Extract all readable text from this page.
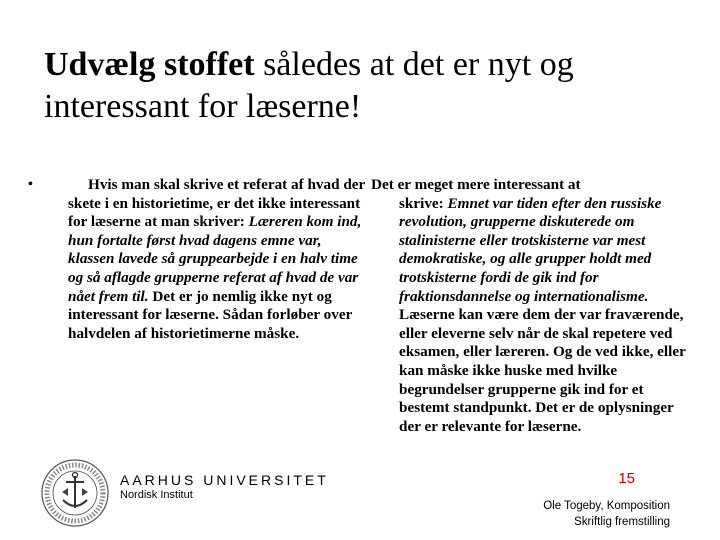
Udvælg stoffet således at det er nyt og interessant for læserne!
•	Hvis man skal skrive et referat af hvad der skete i en historietime, er det ikke interessant for læserne at man skriver: Læreren kom ind, hun fortalte først hvad dagens emne var, klassen lavede så gruppearbejde i en halv time og så aflagde grupperne referat af hvad de var nået frem til. Det er jo nemlig ikke nyt og interessant for læserne. Sådan forløber over halvdelen af historietimerne måske.
Det er meget mere interessant at
skrive: Emnet var tiden efter den russiske revolution, grupperne diskuterede om stalinisterne eller trotskisterne var mest demokratiske, og alle grupper holdt med trotskisterne fordi de gik ind for fraktionsdannelse og internationalisme. Læserne kan være dem der var fraværende, eller eleverne selv når de skal repetere ved eksamen, eller læreren. Og de ved ikke, eller kan måske ikke huske med hvilke begrundelser grupperne gik ind for et bestemt standpunkt. Det er de oplysninger der er relevante for læserne.
AARHUS UNIVERSITET
Nordisk Institut
15
Ole Togeby, Komposition
Skriftlig fremstilling
